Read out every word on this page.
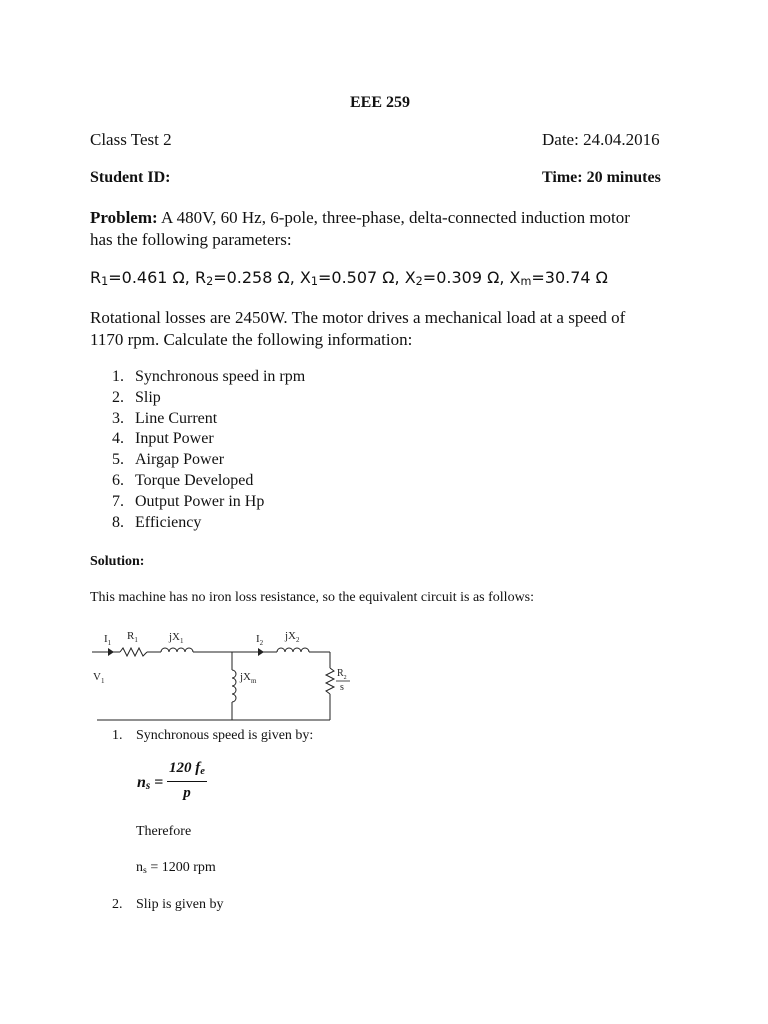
EEE 259
Class Test 2	Date: 24.04.2016
Student ID:	Time: 20 minutes
Problem: A 480V, 60 Hz, 6-pole, three-phase, delta-connected induction motor
has the following parameters:
$R_1=0.461$ Ω, $R_2=0.258$ Ω, $X_1=0.507$ Ω, $X_2=0.309$ Ω, $X_m=30.74$ Ω
Rotational losses are 2450W. The motor drives a mechanical load at a speed of
1170 rpm. Calculate the following information:
1. Synchronous speed in rpm
2. Slip
3. Line Current
4. Input Power
5. Airgap Power
6. Torque Developed
7. Output Power in Hp
8. Efficiency
Solution:
This machine has no iron loss resistance, so the equivalent circuit is as follows:
$I_1$
$R_1$	$jX_1$	$I_2$
$jX_2$
$V_1$	$jX_m$
$R_2$
s
1. Synchronous speed is given by:
$n_s$ =
120 $f_e$
p
Therefore
$n_s = 1200$ rpm
2. Slip is given by
